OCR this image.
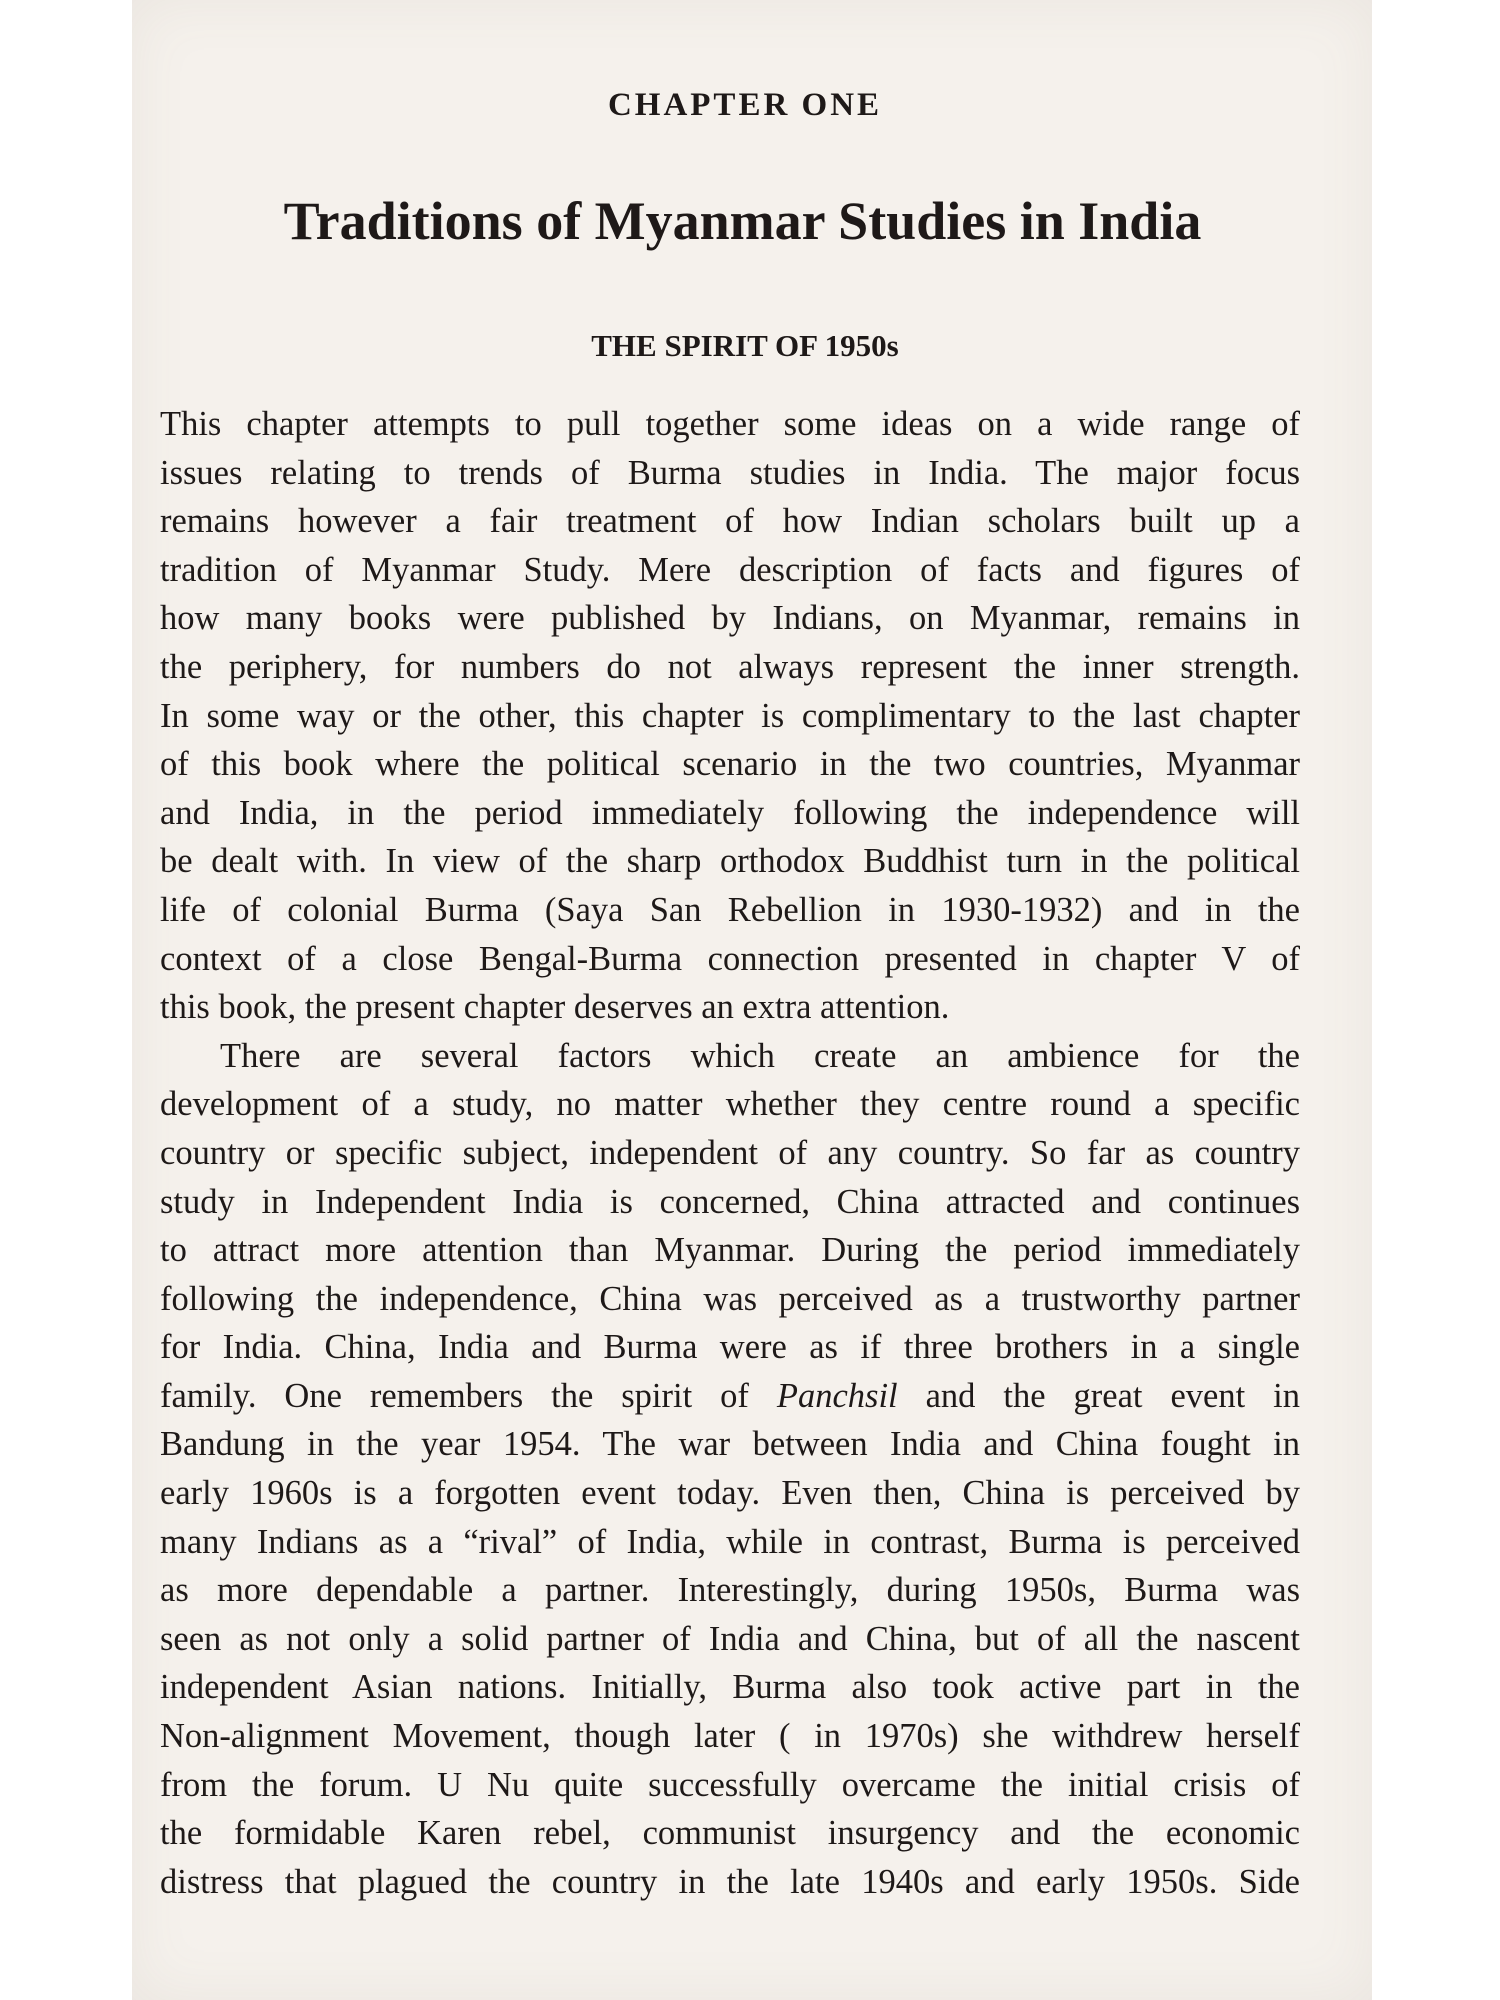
CHAPTER ONE
Traditions of Myanmar Studies in India
THE SPIRIT OF 1950s
This chapter attempts to pull together some ideas on a wide range of
issues relating to trends of Burma studies in India. The major focus
remains however a fair treatment of how Indian scholars built up a
tradition of Myanmar Study. Mere description of facts and figures of
how many books were published by Indians, on Myanmar, remains in
the periphery, for numbers do not always represent the inner strength.
In some way or the other, this chapter is complimentary to the last chapter
of this book where the political scenario in the two countries, Myanmar
and India, in the period immediately following the independence will
be dealt with. In view of the sharp orthodox Buddhist turn in the political
life of colonial Burma (Saya San Rebellion in 1930-1932) and in the
context of a close Bengal-Burma connection presented in chapter V of
this book, the present chapter deserves an extra attention.
There are several factors which create an ambience for the
development of a study, no matter whether they centre round a specific
country or specific subject, independent of any country. So far as country
study in Independent India is concerned, China attracted and continues
to attract more attention than Myanmar. During the period immediately
following the independence, China was perceived as a trustworthy partner
for India. China, India and Burma were as if three brothers in a single
family. One remembers the spirit of Panchsil and the great event in
Bandung in the year 1954. The war between India and China fought in
early 1960s is a forgotten event today. Even then, China is perceived by
many Indians as a “rival” of India, while in contrast, Burma is perceived
as more dependable a partner. Interestingly, during 1950s, Burma was
seen as not only a solid partner of India and China, but of all the nascent
independent Asian nations. Initially, Burma also took active part in the
Non-alignment Movement, though later ( in 1970s) she withdrew herself
from the forum. U Nu quite successfully overcame the initial crisis of
the formidable Karen rebel, communist insurgency and the economic
distress that plagued the country in the late 1940s and early 1950s. Side
